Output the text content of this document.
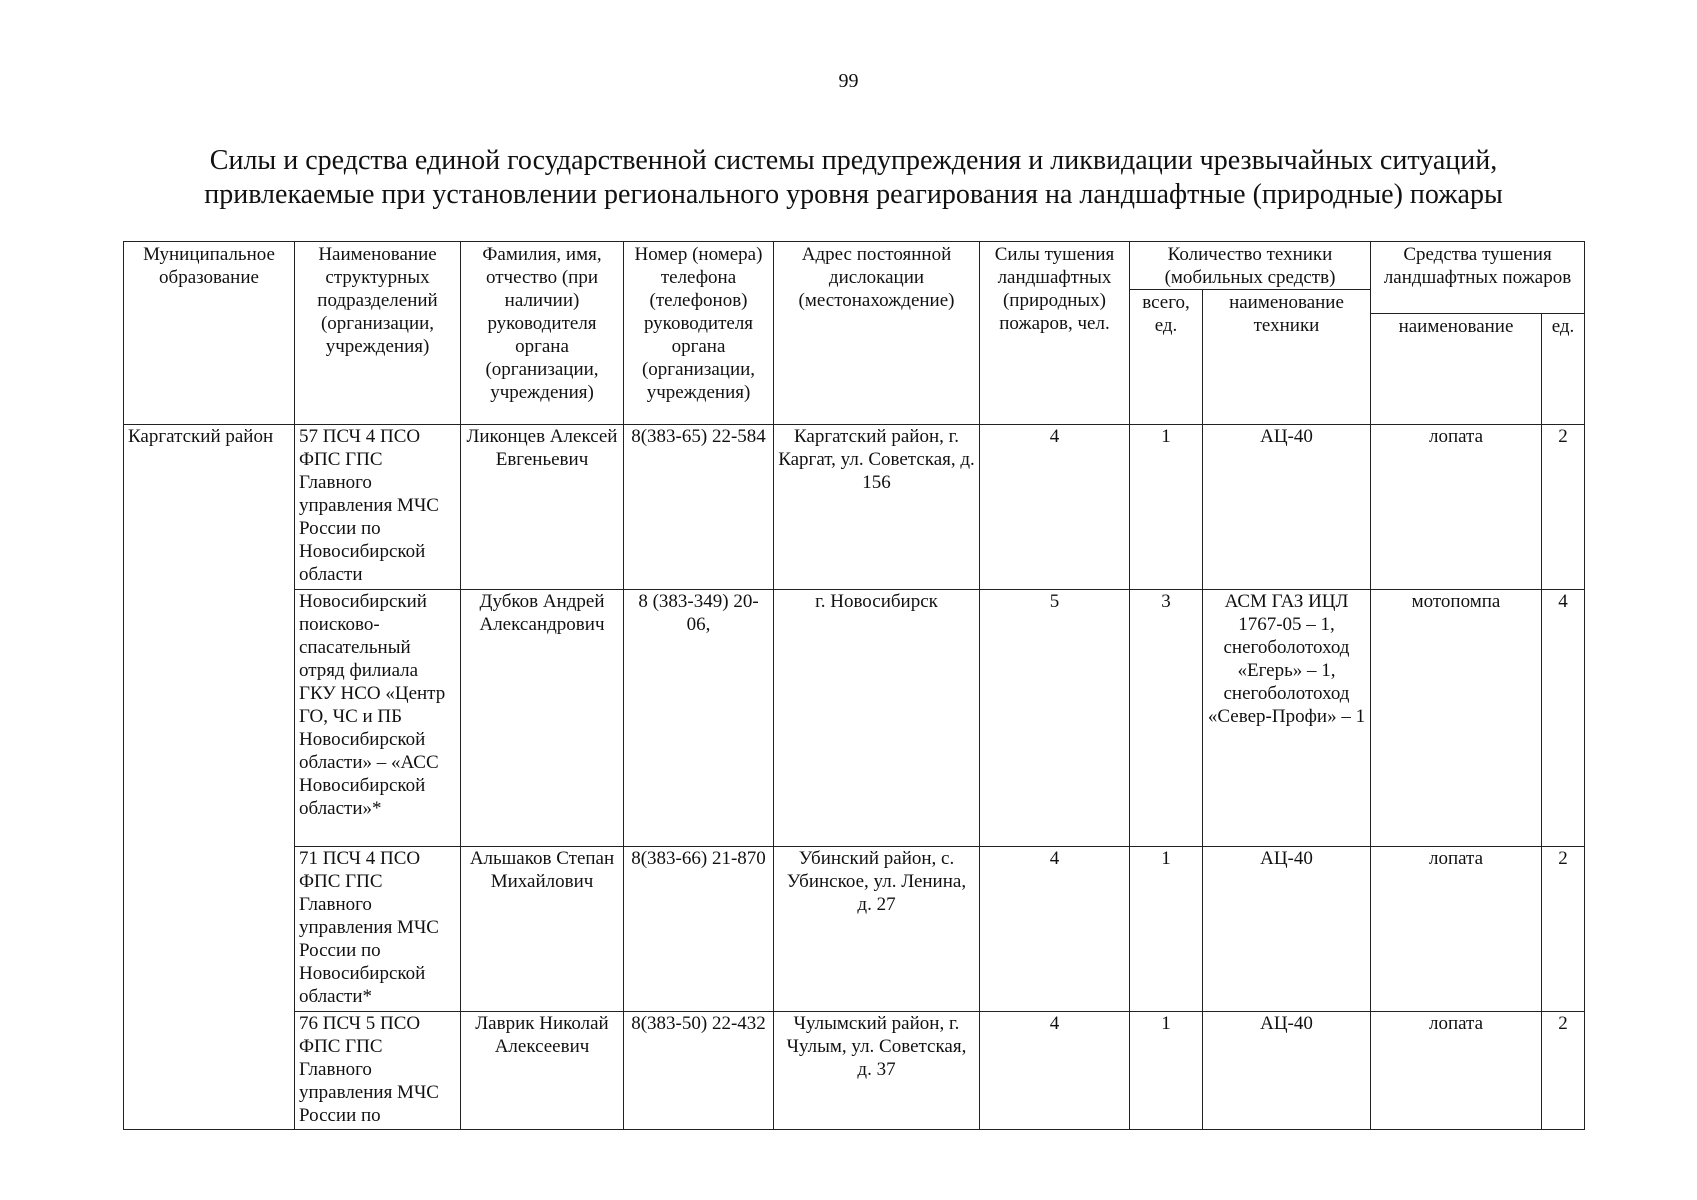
99
Силы и средства единой государственной системы предупреждения и ликвидации чрезвычайных ситуаций,
привлекаемые при установлении регионального уровня реагирования на ландшафтные (природные) пожары
Муниципальное образование	Наименование структурных подразделений (организации, учреждения)	Фамилия, имя, отчество (при наличии) руководителя органа (организации, учреждения)	Номер (номера) телефона (телефонов) руководителя органа (организации, учреждения)	Адрес постоянной дислокации (местонахождение)	Силы тушения ландшафтных (природных) пожаров, чел.	Количество техники (мобильных средств)		Средства тушения ландшафтных пожаров	
						всего, ед.	наименование техники		
								наименование	ед.
Каргатский район	57 ПСЧ 4 ПСО ФПС ГПС Главного управления МЧС России по Новосибирской области	Ликонцев Алексей Евгеньевич	8(383-65) 22-584	Каргатский район, г. Каргат, ул. Советская, д. 156	4	1	АЦ-40	лопата	2
	Новосибирский поисково-спасательный отряд филиала ГКУ НСО «Центр ГО, ЧС и ПБ Новосибирской области» – «АСС Новосибирской области»*	Дубков Андрей Александрович	8 (383-349) 20-06,	г. Новосибирск	5	3	АСМ ГАЗ ИЦЛ 1767-05 – 1, снегоболотоход «Егерь» – 1, снегоболотоход «Север-Профи» – 1	мотопомпа	4
	71 ПСЧ 4 ПСО ФПС ГПС Главного управления МЧС России по Новосибирской области*	Альшаков Степан Михайлович	8(383-66) 21-870	Убинский район, с. Убинское, ул. Ленина, д. 27	4	1	АЦ-40	лопата	2
	76 ПСЧ 5 ПСО ФПС ГПС Главного управления МЧС России по	Лаврик Николай Алексеевич	8(383-50) 22-432	Чулымский район, г. Чулым, ул. Советская, д. 37	4	1	АЦ-40	лопата	2
